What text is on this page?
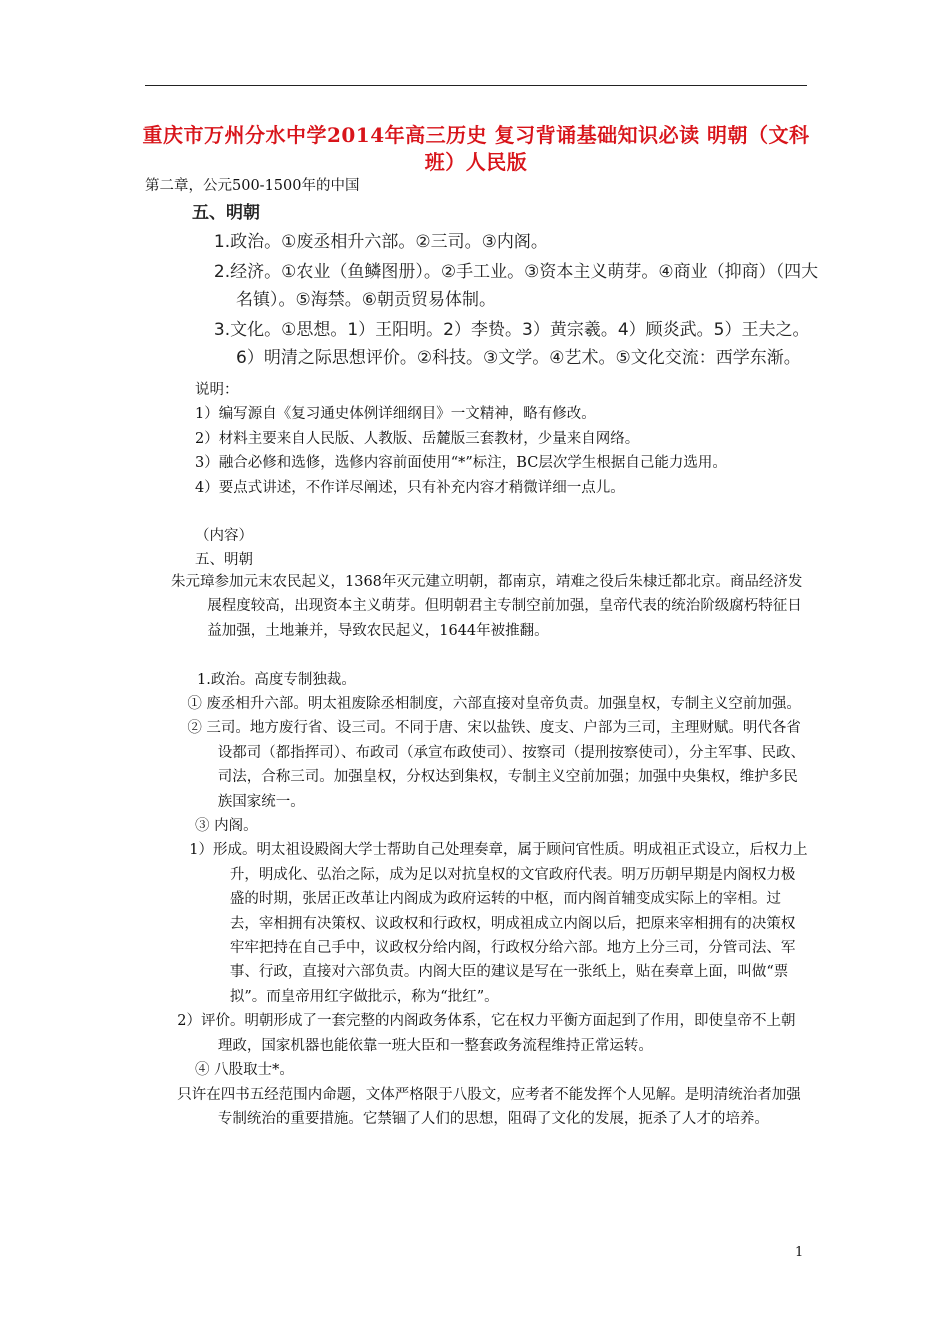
重庆市万州分水中学2014年高三历史 复习背诵基础知识必读 明朝（文科班）人民版
第二章，公元500-1500年的中国
五、明朝
1.政治。①废丞相升六部。②三司。③内阁。
2.经济。①农业（鱼鳞图册）。②手工业。③资本主义萌芽。④商业（抑商）（四大名镇）。⑤海禁。⑥朝贡贸易体制。
3.文化。①思想。1）王阳明。2）李贽。3）黄宗羲。4）顾炎武。5）王夫之。6）明清之际思想评价。②科技。③文学。④艺术。⑤文化交流：西学东渐。

说明：

1）编写源自《复习通史体例详细纲目》一文精神，略有修改。

2）材料主要来自人民版、人教版、岳麓版三套教材，少量来自网络。

3）融合必修和选修，选修内容前面使用“*”标注，BC层次学生根据自己能力选用。

4）要点式讲述，不作详尽阐述，只有补充内容才稍微详细一点儿。

（内容）

五、明朝

朱元璋参加元末农民起义，1368年灭元建立明朝，都南京，靖难之役后朱棣迁都北京。商品经济发展程度较高，出现资本主义萌芽。但明朝君主专制空前加强，皇帝代表的统治阶级腐朽特征日益加强，土地兼并，导致农民起义，1644年被推翻。

1.政治。高度专制独裁。

① 废丞相升六部。明太祖废除丞相制度，六部直接对皇帝负责。加强皇权，专制主义空前加强。

② 三司。地方废行省、设三司。不同于唐、宋以盐铁、度支、户部为三司，主理财赋。明代各省设都司（都指挥司）、布政司（承宣布政使司）、按察司（提刑按察使司），分主军事、民政、司法，合称三司。加强皇权，分权达到集权，专制主义空前加强；加强中央集权，维护多民族国家统一。

③ 内阁。

1）形成。明太祖设殿阁大学士帮助自己处理奏章，属于顾问官性质。明成祖正式设立，后权力上升，明成化、弘治之际，成为足以对抗皇权的文官政府代表。明万历朝早期是内阁权力极盛的时期，张居正改革让内阁成为政府运转的中枢，而内阁首辅变成实际上的宰相。过去，宰相拥有决策权、议政权和行政权，明成祖成立内阁以后，把原来宰相拥有的决策权牢牢把持在自己手中，议政权分给内阁，行政权分给六部。地方上分三司，分管司法、军事、行政，直接对六部负责。内阁大臣的建议是写在一张纸上，贴在奏章上面，叫做“票拟”。而皇帝用红字做批示，称为“批红”。

2）评价。明朝形成了一套完整的内阁政务体系，它在权力平衡方面起到了作用，即使皇帝不上朝理政，国家机器也能依靠一班大臣和一整套政务流程维持正常运转。

④ 八股取士*。

只许在四书五经范围内命题，文体严格限于八股文，应考者不能发挥个人见解。是明清统治者加强专制统治的重要措施。它禁锢了人们的思想，阻碍了文化的发展，扼杀了人才的培养。

1
